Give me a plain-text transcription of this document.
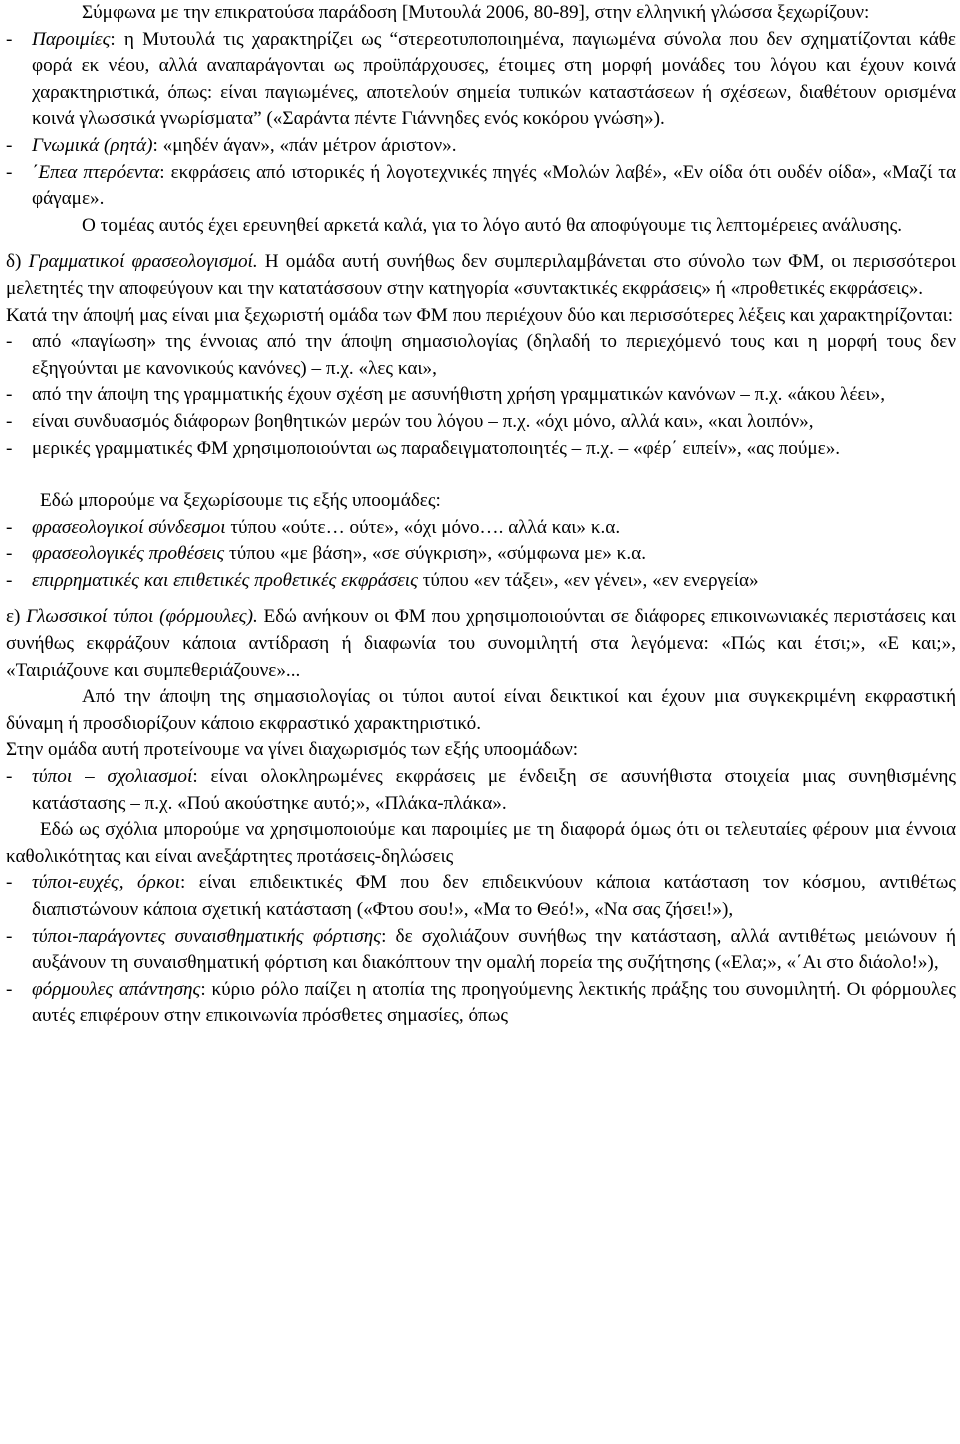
Σύμφωνα με την επικρατούσα παράδοση [Μυτουλά 2006, 80-89], στην ελληνική γλώσσα ξεχωρίζουν:

-	Παροιμίες: η Μυτουλά τις χαρακτηρίζει ως “στερεοτυποποιημένα, παγιωμένα σύνολα που δεν σχηματίζονται κάθε φορά εκ νέου, αλλά αναπαράγονται ως προϋπάρχουσες, έτοιμες στη μορφή μονάδες του λόγου και έχουν κοινά χαρακτηριστικά, όπως: είναι παγιωμένες, αποτελούν σημεία τυπικών καταστάσεων ή σχέσεων, διαθέτουν ορισμένα κοινά γλωσσικά γνωρίσματα” («Σαράντα πέντε Γιάννηδες ενός κοκόρου γνώση»).
-	Γνωμικά (ρητά): «μηδέν άγαν», «πάν μέτρον άριστον».
-	΄Επεα πτερόεντα: εκφράσεις από ιστορικές ή λογοτεχνικές πηγές «Μολών λαβέ», «Εν οίδα ότι ουδέν οίδα», «Μαζί τα φάγαμε».

Ο τομέας αυτός έχει ερευνηθεί αρκετά καλά, για το λόγο αυτό θα αποφύγουμε τις λεπτομέρειες ανάλυσης.

δ) Γραμματικοί φρασεολογισμοί. Η ομάδα αυτή συνήθως δεν συμπεριλαμβάνεται στο σύνολο των ΦΜ, οι περισσότεροι μελετητές την αποφεύγουν και την κατατάσσουν στην κατηγορία «συντακτικές εκφράσεις» ή «προθετικές εκφράσεις».

Κατά την άποψή μας είναι μια ξεχωριστή ομάδα των ΦΜ που περιέχουν δύο και περισσότερες λέξεις και χαρακτηρίζονται:

-	από «παγίωση» της έννοιας από την άποψη σημασιολογίας (δηλαδή το περιεχόμενό τους και η μορφή τους δεν εξηγούνται με κανονικούς κανόνες) – π.χ. «λες και»,
-	από την άποψη της γραμματικής έχουν σχέση με ασυνήθιστη χρήση γραμματικών κανόνων – π.χ. «άκου λέει»,
-	είναι συνδυασμός διάφορων βοηθητικών μερών του λόγου – π.χ. «όχι μόνο, αλλά και», «και λοιπόν»,
-	μερικές γραμματικές ΦΜ χρησιμοποιούνται ως παραδειγματοποιητές – π.χ. – «φέρ΄ ειπείν», «ας πούμε».

Εδώ μπορούμε να ξεχωρίσουμε τις εξής υποομάδες:

-	φρασεολογικοί σύνδεσμοι τύπου «ούτε… ούτε», «όχι μόνο…. αλλά και» κ.α.
-	φρασεολογικές προθέσεις τύπου «με βάση», «σε σύγκριση», «σύμφωνα με» κ.α.
-	επιρρηματικές και επιθετικές προθετικές εκφράσεις τύπου «εν τάξει», «εν γένει», «εν ενεργεία»

ε) Γλωσσικοί τύποι (φόρμουλες). Εδώ ανήκουν οι ΦΜ που χρησιμοποιούνται σε διάφορες επικοινωνιακές περιστάσεις και συνήθως εκφράζουν κάποια αντίδραση ή διαφωνία του συνομιλητή στα λεγόμενα: «Πώς και έτσι;», «Ε και;», «Ταιριάζουνε και συμπεθεριάζουνε»...

Από την άποψη της σημασιολογίας οι τύποι αυτοί είναι δεικτικοί και έχουν μια συγκεκριμένη εκφραστική δύναμη ή προσδιορίζουν κάποιο εκφραστικό χαρακτηριστικό.

Στην ομάδα αυτή προτείνουμε να γίνει διαχωρισμός των εξής υποομάδων:

-	τύποι – σχολιασμοί: είναι ολοκληρωμένες εκφράσεις με ένδειξη σε ασυνήθιστα στοιχεία μιας συνηθισμένης κατάστασης – π.χ. «Πού ακούστηκε αυτό;», «Πλάκα-πλάκα».

Εδώ ως σχόλια μπορούμε να χρησιμοποιούμε και παροιμίες με τη διαφορά όμως ότι οι τελευταίες φέρουν μια έννοια καθολικότητας και είναι ανεξάρτητες προτάσεις-δηλώσεις

-	τύποι-ευχές, όρκοι: είναι επιδεικτικές ΦΜ που δεν επιδεικνύουν κάποια κατάσταση τον κόσμου, αντιθέτως διαπιστώνουν κάποια σχετική κατάσταση («Φτου σου!», «Μα το Θεό!», «Να σας ζήσει!»),
-	τύποι-παράγοντες συναισθηματικής φόρτισης: δε σχολιάζουν συνήθως την κατάσταση, αλλά αντιθέτως μειώνουν ή αυξάνουν τη συναισθηματική φόρτιση και διακόπτουν την ομαλή πορεία της συζήτησης («Ελα;», «΄Αι στο διάολο!»),
-	φόρμουλες απάντησης: κύριο ρόλο παίζει η ατοπία της προηγούμενης λεκτικής πράξης του συνομιλητή. Οι φόρμουλες αυτές επιφέρουν στην επικοινωνία πρόσθετες σημασίες, όπως
